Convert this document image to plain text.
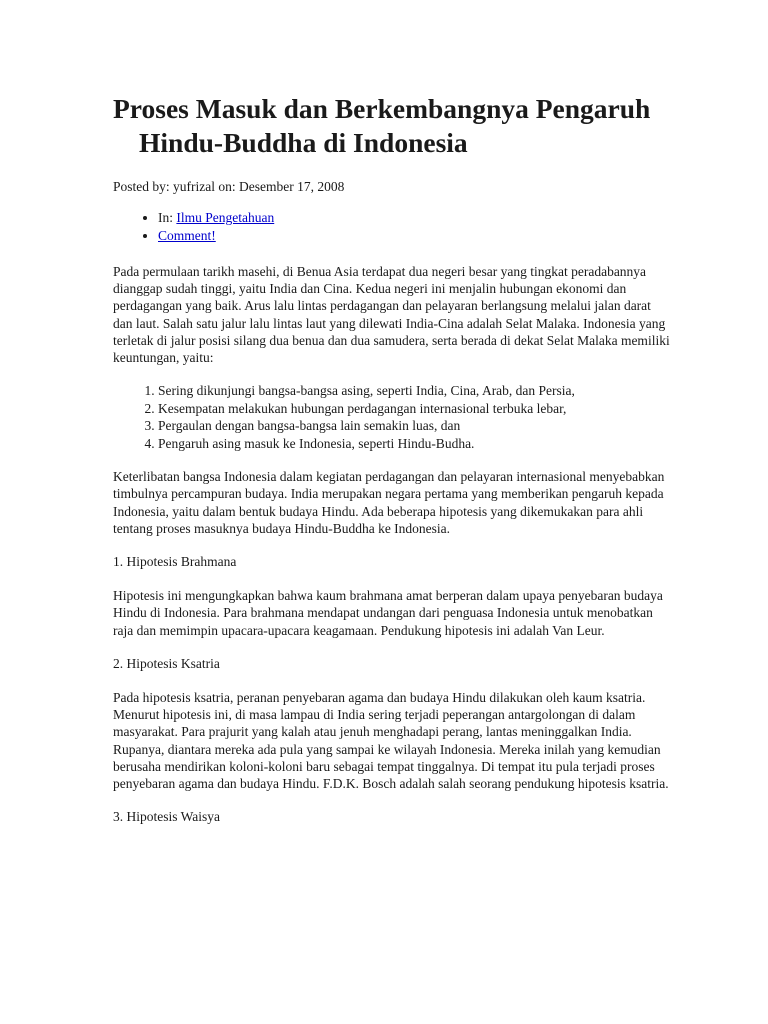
Proses Masuk dan Berkembangnya Pengaruh Hindu-Buddha di Indonesia

Posted by: yufrizal on: Desember 17, 2008

• In: Ilmu Pengetahuan
• Comment!

Pada permulaan tarikh masehi, di Benua Asia terdapat dua negeri besar yang tingkat peradabannya dianggap sudah tinggi, yaitu India dan Cina. Kedua negeri ini menjalin hubungan ekonomi dan perdagangan yang baik. Arus lalu lintas perdagangan dan pelayaran berlangsung melalui jalan darat dan laut. Salah satu jalur lalu lintas laut yang dilewati India-Cina adalah Selat Malaka. Indonesia yang terletak di jalur posisi silang dua benua dan dua samudera, serta berada di dekat Selat Malaka memiliki keuntungan, yaitu:

1. Sering dikunjungi bangsa-bangsa asing, seperti India, Cina, Arab, dan Persia,
2. Kesempatan melakukan hubungan perdagangan internasional terbuka lebar,
3. Pergaulan dengan bangsa-bangsa lain semakin luas, dan
4. Pengaruh asing masuk ke Indonesia, seperti Hindu-Budha.

Keterlibatan bangsa Indonesia dalam kegiatan perdagangan dan pelayaran internasional menyebabkan timbulnya percampuran budaya. India merupakan negara pertama yang memberikan pengaruh kepada Indonesia, yaitu dalam bentuk budaya Hindu. Ada beberapa hipotesis yang dikemukakan para ahli tentang proses masuknya budaya Hindu-Buddha ke Indonesia.

1. Hipotesis Brahmana

Hipotesis ini mengungkapkan bahwa kaum brahmana amat berperan dalam upaya penyebaran budaya Hindu di Indonesia. Para brahmana mendapat undangan dari penguasa Indonesia untuk menobatkan raja dan memimpin upacara-upacara keagamaan. Pendukung hipotesis ini adalah Van Leur.

2. Hipotesis Ksatria

Pada hipotesis ksatria, peranan penyebaran agama dan budaya Hindu dilakukan oleh kaum ksatria. Menurut hipotesis ini, di masa lampau di India sering terjadi peperangan antargolongan di dalam masyarakat. Para prajurit yang kalah atau jenuh menghadapi perang, lantas meninggalkan India. Rupanya, diantara mereka ada pula yang sampai ke wilayah Indonesia. Mereka inilah yang kemudian berusaha mendirikan koloni-koloni baru sebagai tempat tinggalnya. Di tempat itu pula terjadi proses penyebaran agama dan budaya Hindu. F.D.K. Bosch adalah salah seorang pendukung hipotesis ksatria.

3. Hipotesis Waisya
